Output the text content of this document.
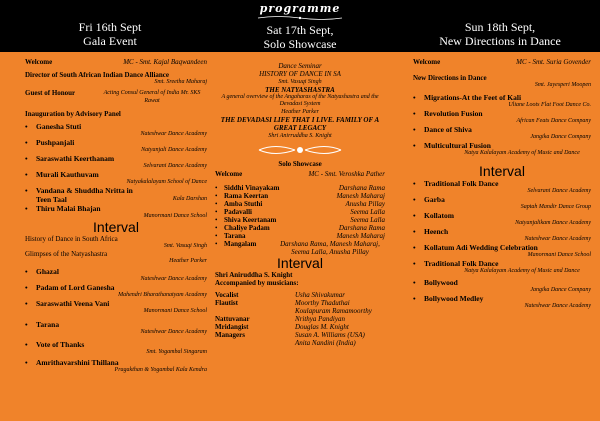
programme
Fri 16th Sept
Gala Event
Sat 17th Sept,
Solo Showcase
Sun 18th Sept,
New Directions in Dance
Welcome	MC - Smt. Kajal Baqwandeen
Director of South African Indian Dance Alliance
Smt. Sreetha Maharaj
Guest of Honour	Acting Consul General of India Mr. SKS Rawat
Inauguration by Advisory Panel
•	Ganesha Stuti
Nateshwar Dance Academy
•	Pushpanjali
Natyanjali Dance Academy
•	Saraswathi Keerthanam
Selvarani Dance Academy
•	Murali Kauthuvam
Natyakalalayam School of Dance
•	Vandana & Shuddha Nritta in Teen Taal	Kala Darshan
•	Thiru Malai Bhajan
Manormani Dance School
Interval
History of Dance in South Africa
Smt. Vasuqi Singh
Glimpses of the Natyashastra
Heather Parker
•	Ghazal
Nateshwar Dance Academy
•	Padam of Lord Ganesha
Mahendri Bharathanatyam Academy
•	Saraswathi Veena Vani
Manormani Dance School
•	Tarana
Nateshwar Dance Academy
•	Vote of Thanks
Smt. Yogambal Singaram
•	Amrithavarshini Thillana
Pragakthan & Yogambal Kala Kendra
Dance Seminar
HISTORY OF DANCE IN SA
Smt. Vasuqi Singh
THE NATYASHASTRA
A general overview of the Angaharas of the Natyashastra and the Devadasi System
Heather Parker
THE DEVADASI LIFE THAT I LIVE. FAMILY OF A GREAT LEGACY
Shri Anirruddha S. Knight
Solo Showcase
Welcome	MC - Smt. Veroshka Pather
• Siddhi Vinayakam	Darshana Rama
• Rama Keertan	Manesh Maharaj
• Amba Stuthi	Anusha Pillay
• Padavalli	Seema Lalla
• Shiva Keertanam	Seema Lalla
• Chaliye Padam	Darshana Rama
• Tarana	Manesh Maharaj
• Mangalam	Darshana Rama, Manesh Maharaj, Seema Lalla, Anusha Pillay
Interval
Shri Aniruddha S. Knight
Accompanied by musicians:
Vocalist	Usha Shivakumar
Flautist	Moorthy Thaduthai
Koulapuram Ramamoorthy
Nattuvanar	Nrithya Pandiyan
Mridangist	Douglas M. Knight
Managers	Susan A. Williams (USA)
Anita Nandini (India)
Welcome	MC - Smt. Suria Govender
New Directions in Dance
Smt. Jayesperi Moopen
•	Migrations-At the Feet of Kali
Uliane Loots Flat Foot Dance Co.
•	Revolution Fusion
African Feats Dance Company
•	Dance of Shiva
Jangika Dance Company
•	Multicultural Fusion
Natya Kalalayam Academy of Music and Dance
Interval
•	Traditional Folk Dance
Selvarani Dance Academy
•	Garba
Saptah Mandir Dance Group
•	Kollatom
Natyanjalikam Dance Academy
•	Heench
Nateshwar Dance Academy
•	Kollatum Adi Wedding Celebration
Manormani Dance School
•	Traditional Folk Dance
Natya Kalalayam Academy of Music and Dance
•	Bollywood
Jangika Dance Company
•	Bollywood Medley
Nateshwar Dance Academy
